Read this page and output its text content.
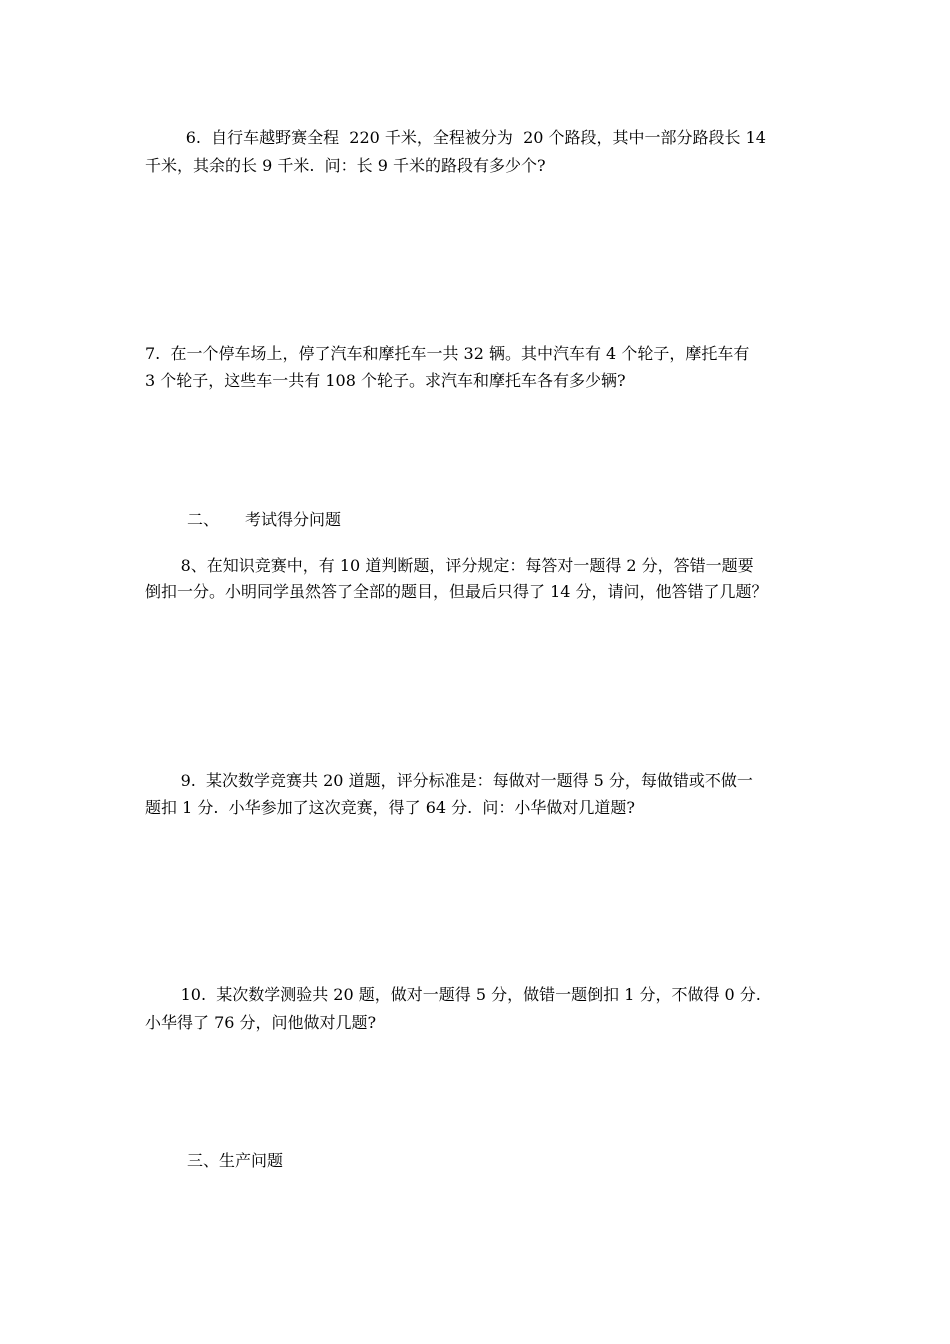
6.  自行车越野赛全程  220 千米，全程被分为  20 个路段，其中一部分路段长 14
千米，其余的长 9 千米.  问：长 9 千米的路段有多少个?
7.  在一个停车场上，停了汽车和摩托车一共 32 辆。其中汽车有 4 个轮子，摩托车有
3 个轮子，这些车一共有 108 个轮子。求汽车和摩托车各有多少辆?
二、 考试得分问题
8、在知识竞赛中，有 10 道判断题，评分规定：每答对一题得 2 分，答错一题要
倒扣一分。小明同学虽然答了全部的题目，但最后只得了 14 分，请问，他答错了几题？
9.  某次数学竞赛共 20 道题，评分标准是：每做对一题得 5 分，每做错或不做一
题扣 1 分.  小华参加了这次竞赛，得了 64 分.  问：小华做对几道题?
10.  某次数学测验共 20 题，做对一题得 5 分，做错一题倒扣 1 分，不做得 0 分.
小华得了 76 分，问他做对几题?
三、生产问题
